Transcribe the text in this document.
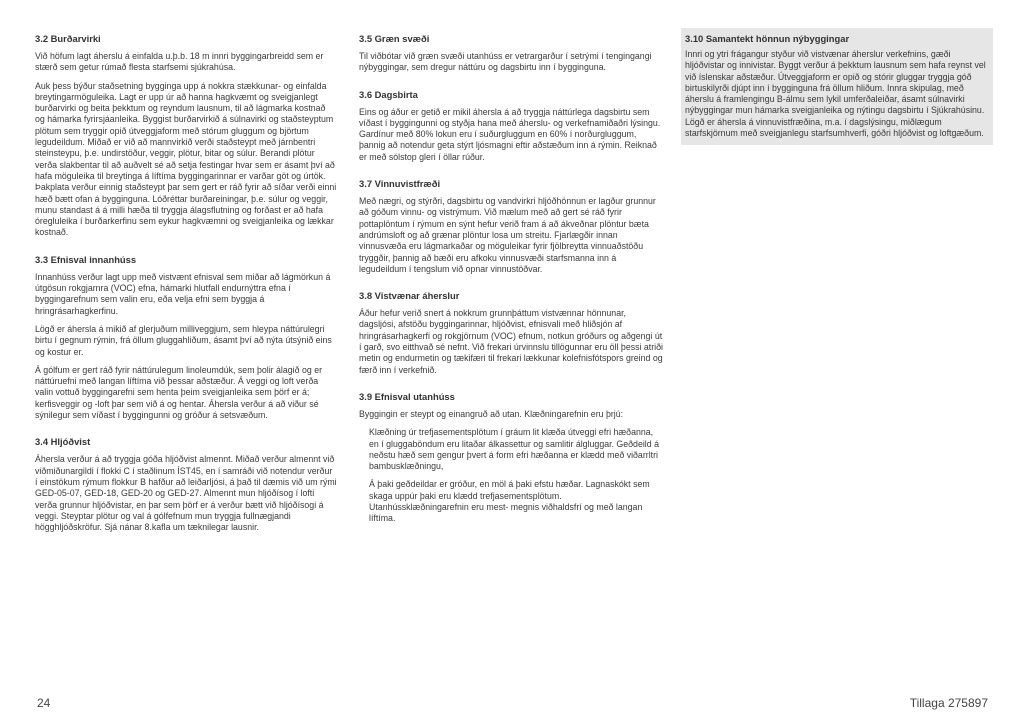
3.2 Burðarvirki

Við höfum lagt áherslu á einfalda u.þ.b. 18 m innri byggingarbreidd sem er stærð sem getur rúmað flesta starfsemi sjúkrahúsa.

Auk þess býður staðsetning bygginga upp á nokkra stækkunar- og einfalda breytingarmöguleika. Lagt er upp úr að hanna hagkvæmt og sveigjanlegt burðarvirki og beita þekktum og reyndum lausnum, til að lágmarka kostnað og hámarka fyrirsjáanleika. Byggist burðarvirkið á súlnavirki og staðsteyptum plötum sem tryggir opið útveggjaform með stórum gluggum og björtum legudeildum. Miðað er við að mannvirkið verði staðsteypt með járnbentri steinsteypu, þ.e. undirstöður, veggir, plötur, bitar og súlur. Berandi plötur verða slakbentar til að auðvelt sé að setja festingar hvar sem er ásamt því að hafa möguleika til breytinga á líftíma byggingarinnar er varðar göt og úrtök. Þakplata verður einnig staðsteypt þar sem gert er ráð fyrir að síðar verði einni hæð bætt ofan á bygginguna. Lóðréttar burðareiningar, þ.e. súlur og veggir, munu standast á á milli hæða til tryggja álagsflutning og forðast er að hafa óregluleika í burðarkerfinu sem eykur hagkvæmni og sveigjanleika og lækkar kostnað.

3.3 Efnisval innanhúss

Innanhúss verður lagt upp með vistvænt efnisval sem miðar að lágmörkun á útgösun rokgjarnra (VOC) efna, hámarki hlutfall endurnýttra efna í byggingarefnum sem valin eru, eða velja efni sem byggja á hringrásarhagkerfinu.

Lögð er áhersla á mikið af glerjuðum milliveggjum, sem hleypa náttúrulegri birtu í gegnum rýmin, frá öllum gluggahliðum, ásamt því að nýta útsýnið eins og kostur er.

Á gólfum er gert ráð fyrir náttúrulegum linoleumdúk, sem þolir álagið og er náttúruefni með langan líftíma við þessar aðstæður. Á veggi og loft verða valin vottuð byggingarefni sem henta þeim sveigjanleika sem þörf er á; kerfisveggir og -loft þar sem við á og hentar. Áhersla verður á að viður sé sýnilegur sem víðast í byggingunni og gróður á setsvæðum.

3.4 Hljóðvist

Áhersla verður á að tryggja góða hljóðvist almennt. Miðað verður almennt við viðmiðunargildi í flokki C í staðlinum ÍST45, en í samráði við notendur verður í einstökum rýmum flokkur B hafður að leiðarljósi, á það til dæmis við um rými GED-05-07, GED-18, GED-20 og GED-27. Almennt mun hljóðísog í lofti verða grunnur hljóðvistar, en þar sem þörf er á verður bætt við hljóðísogi á veggi. Steyptar plötur og val á gólfefnum mun tryggja fullnægjandi högghljóðskröfur. Sjá nánar 8.kafla um tæknilegar lausnir.

3.5 Græn svæði

Til viðbótar við græn svæði utanhúss er vetrargarður í setrými í tengingangi nýbyggingar, sem dregur náttúru og dagsbirtu inn í bygginguna.

3.6 Dagsbirta

Eins og áður er getið er mikil áhersla á að tryggja náttúrlega dagsbirtu sem víðast í byggingunni og styðja hana með áherslu- og verkefnamiðaðri lýsingu. Gardínur með 80% lokun eru í suðurgluggum en 60% í norðurgluggum, þannig að notendur geta stýrt ljósmagni eftir aðstæðum inn á rýmin. Reiknað er með sólstop gleri í öllar rúður.

3.7 Vinnuvistfræði

Með nægri, og stýrðri, dagsbirtu og vandvirkri hljóðhönnun er lagður grunnur að góðum vinnu- og vistrýmum. Við mælum með að gert sé ráð fyrir pottaplöntum í rýmum en sýnt hefur verið fram á að ákveðnar plöntur bæta andrúmsloft og að grænar plöntur losa um streitu. Fjarlægðir innan vinnusvæða eru lágmarkaðar og möguleikar fyrir fjölbreytta vinnuaðstöðu tryggðir, þannig að bæði eru afkoku vinnusvæði starfsmanna inn á legudeildum í tengslum við opnar vinnustöðvar.

3.8 Vistvænar áherslur

Áður hefur verið snert á nokkrum grunnþáttum vistvænnar hönnunar, dagsljósi, afstöðu byggingarinnar, hljóðvist, efnisvali með hliðsjón af hringrásarhagkerfi og rokgjörnum (VOC) efnum, notkun gróðurs og aðgengi út í garð, svo eitthvað sé nefnt. Við frekari úrvinnslu tillögunnar eru öll þessi atriði metin og endurmetin og tækifæri til frekari lækkunar kolefnisfótspors greind og færð inn í verkefnið.

3.9 Efnisval utanhúss

Byggingin er steypt og einangruð að utan. Klæðningarefnin eru þrjú:

Klæðning úr trefjasementsplötum í gráum lit klæða útveggi efri hæðanna, en í gluggaböndum eru litaðar álkassettur og samlitir álgluggar. Geðdeild á neðstu hæð sem gengur þvert á form efri hæðanna er klædd með viðarrltri bambusklæðningu,

Á þaki geðdeildar er gróður, en möl á þaki efstu hæðar. Lagnaskókt sem skaga uppúr þaki eru klædd trefjasementsplötum. Utanhússklæðningarefnin eru mest- megnis viðhaldsfrí og með langan líftíma.

3.10 Samantekt hönnun nýbyggingar

Innri og ytri frágangur styður við vistvænar áherslur verkefnins, gæði hljóðvistar og innivistar. Byggt verður á þekktum lausnum sem hafa reynst vel við íslenskar aðstæður. Útveggjaform er opið og stórir gluggar tryggja góð birtuskilyrði djúpt inn í bygginguna frá öllum hliðum. Innra skipulag, með áherslu á framlengingu B-álmu sem lykil umferðaleiðar, ásamt súlnavirki nýbyggingar mun hámarka sveigjanleika og nýtingu dagsbirtu í Sjúkrahúsinu. Lögð er áhersla á vinnuvistfræðina, m.a. í dagslýsingu, miðlægum starfskjörnum með sveigjanlegu starfsumhverfi, góðri hljóðvist og loftgæðum.

24	Tillaga 275897
